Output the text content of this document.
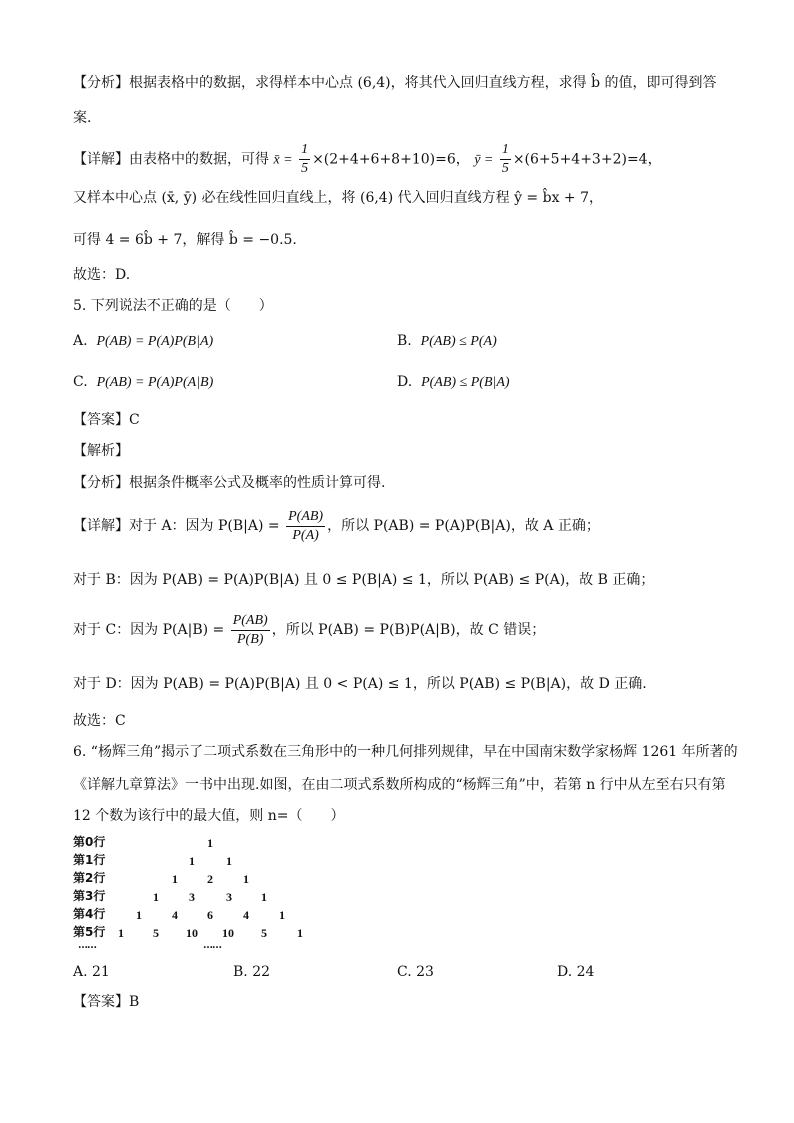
【分析】根据表格中的数据，求得样本中心点 (6,4)，将其代入回归直线方程，求得 b̂ 的值，即可得到答
案.
【详解】由表格中的数据，可得 x̄ = $\frac{1}{5} \times(2+4+6+8+10)=6$， ȳ = $\frac{1}{5} \times(6+5+4+3+2)=4$，
又样本中心点 (x̄, ȳ) 必在线性回归直线上，将 (6,4) 代入回归直线方程 ŷ = b̂x + 7，
可得 4 = 6b̂ + 7，解得 b̂ = −0.5.
故选：D.
5. 下列说法不正确的是（　　）
A. P(AB) = P(A)P(B|A)	B. P(AB) ≤ P(A)
C. P(AB) = P(A)P(A|B)	D. P(AB) ≤ P(B|A)
【答案】C
【解析】
【分析】根据条件概率公式及概率的性质计算可得.
【详解】对于 A：因为 $P(B|A) = \frac{P(AB)}{P(A)}$ ，所以 P(AB) = P(A)P(B|A)，故 A 正确；
对于 B：因为 P(AB) = P(A)P(B|A) 且 0 ≤ P(B|A) ≤ 1，所以 P(AB) ≤ P(A)，故 B 正确；
对于 C：因为 $P(A|B) = \frac{P(AB)}{P(B)}$ ，所以 P(AB) = P(B)P(A|B)，故 C 错误；
对于 D：因为 P(AB) = P(A)P(B|A) 且 0 < P(A) ≤ 1，所以 P(AB) ≤ P(B|A)，故 D 正确.
故选：C
6. “杨辉三角”揭示了二项式系数在三角形中的一种几何排列规律，早在中国南宋数学家杨辉 1261 年所著的
《详解九章算法》一书中出现.如图，在由二项式系数所构成的“杨辉三角”中，若第 n 行中从左至右只有第
12 个数为该行中的最大值，则 n=（　　）
第0行
第1行
第2行
第3行
第4行
第5行
1
1	1
1 2	1
1	3	3 1
1	4 6	4	1
1 5 10 10 5	1
……	……
A. 21	B. 22	C. 23	D. 24
【答案】B
